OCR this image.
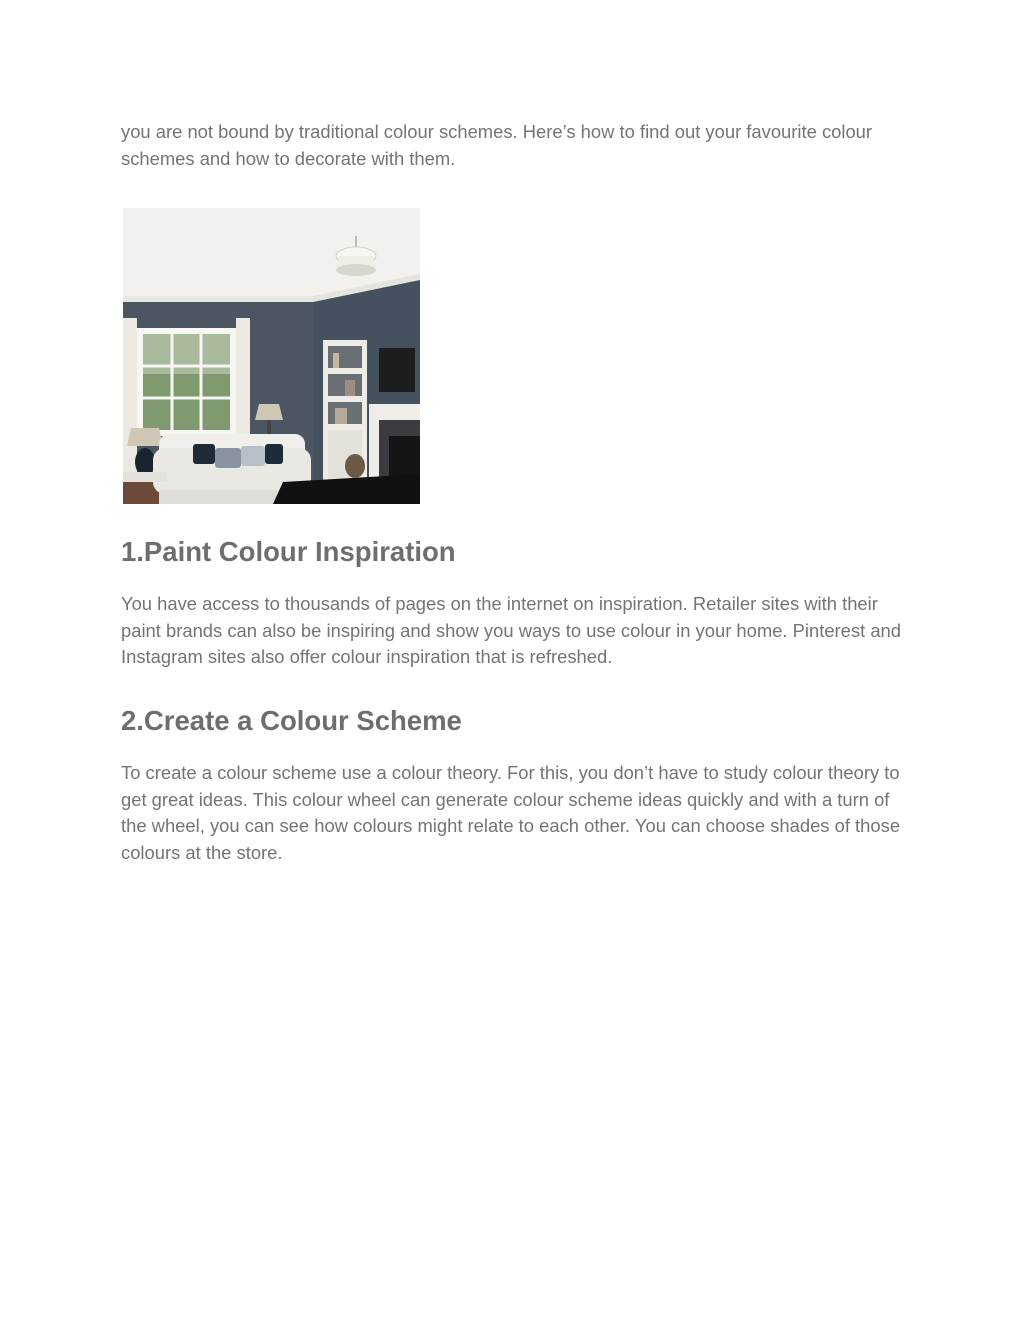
you are not bound by traditional colour schemes. Here’s how to find out your favourite colour schemes and how to decorate with them.

1.Paint Colour Inspiration

You have access to thousands of pages on the internet on inspiration. Retailer sites with their paint brands can also be inspiring and show you ways to use colour in your home. Pinterest and Instagram sites also offer colour inspiration that is refreshed.

2.Create a Colour Scheme

To create a colour scheme use a colour theory. For this, you don’t have to study colour theory to get great ideas. This colour wheel can generate colour scheme ideas quickly and with a turn of the wheel, you can see how colours might relate to each other. You can choose shades of those colours at the store.
